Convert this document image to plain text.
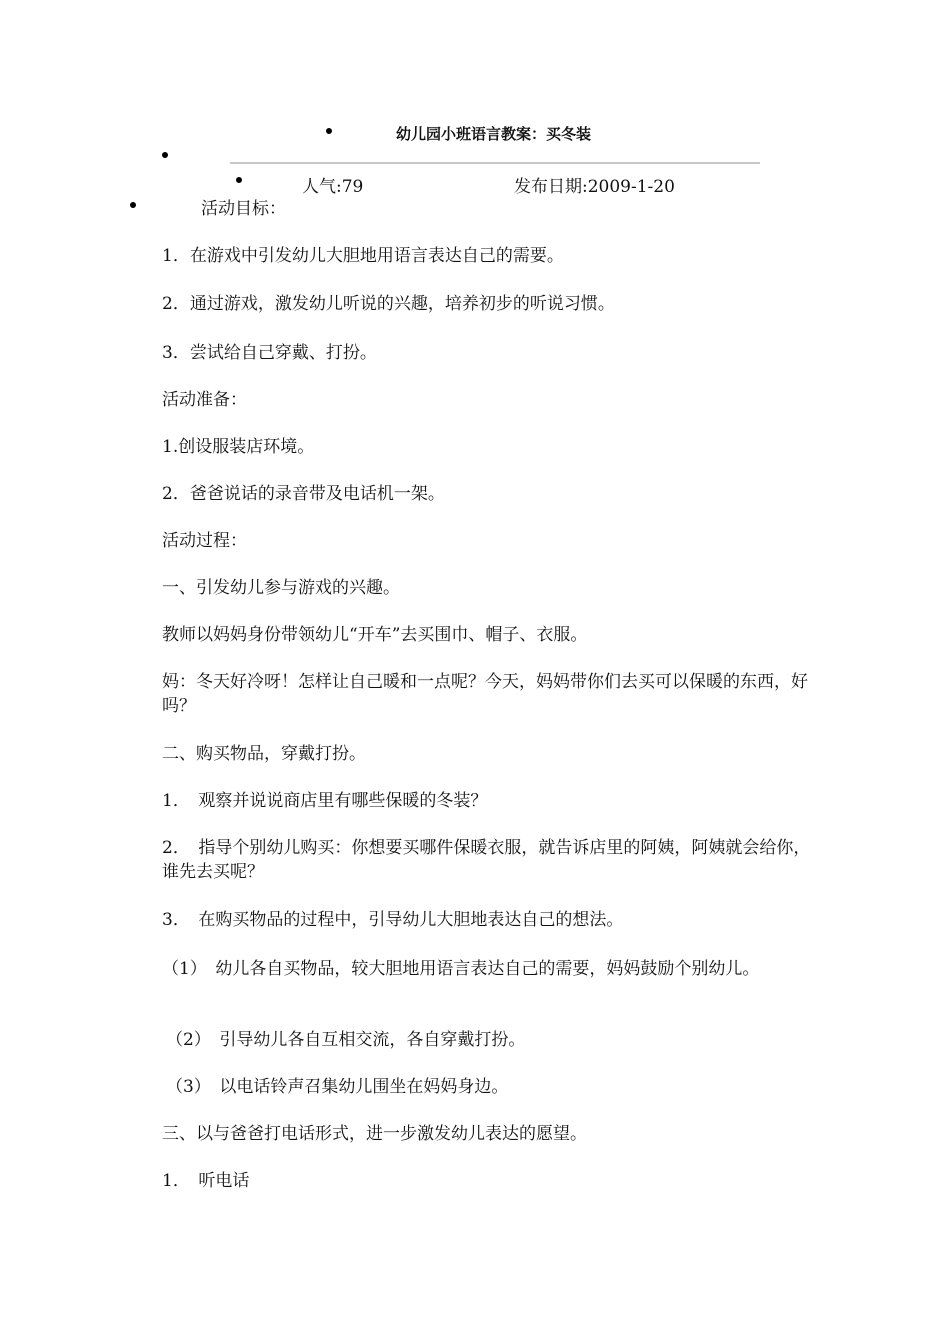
幼儿园小班语言教案：买冬装
人气:79	发布日期:2009-1-20
活动目标：
1．在游戏中引发幼儿大胆地用语言表达自己的需要。
2．通过游戏，激发幼儿听说的兴趣，培养初步的听说习惯。
3．尝试给自己穿戴、打扮。
活动准备：
1.创设服装店环境。
2．爸爸说话的录音带及电话机一架。
活动过程：
一、引发幼儿参与游戏的兴趣。
教师以妈妈身份带领幼儿“开车”去买围巾、帽子、衣服。
妈：冬天好冷呀！怎样让自己暖和一点呢？今天，妈妈带你们去买可以保暖的东西，好吗？
二、购买物品，穿戴打扮。
1．　观察并说说商店里有哪些保暖的冬装？
2．　指导个别幼儿购买：你想要买哪件保暖衣服，就告诉店里的阿姨，阿姨就会给你，谁先去买呢？
3．　在购买物品的过程中，引导幼儿大胆地表达自己的想法。
（1）　幼儿各自买物品，较大胆地用语言表达自己的需要，妈妈鼓励个别幼儿。
（2）　引导幼儿各自互相交流，各自穿戴打扮。
（3）　以电话铃声召集幼儿围坐在妈妈身边。
三、以与爸爸打电话形式，进一步激发幼儿表达的愿望。
1．　听电话
